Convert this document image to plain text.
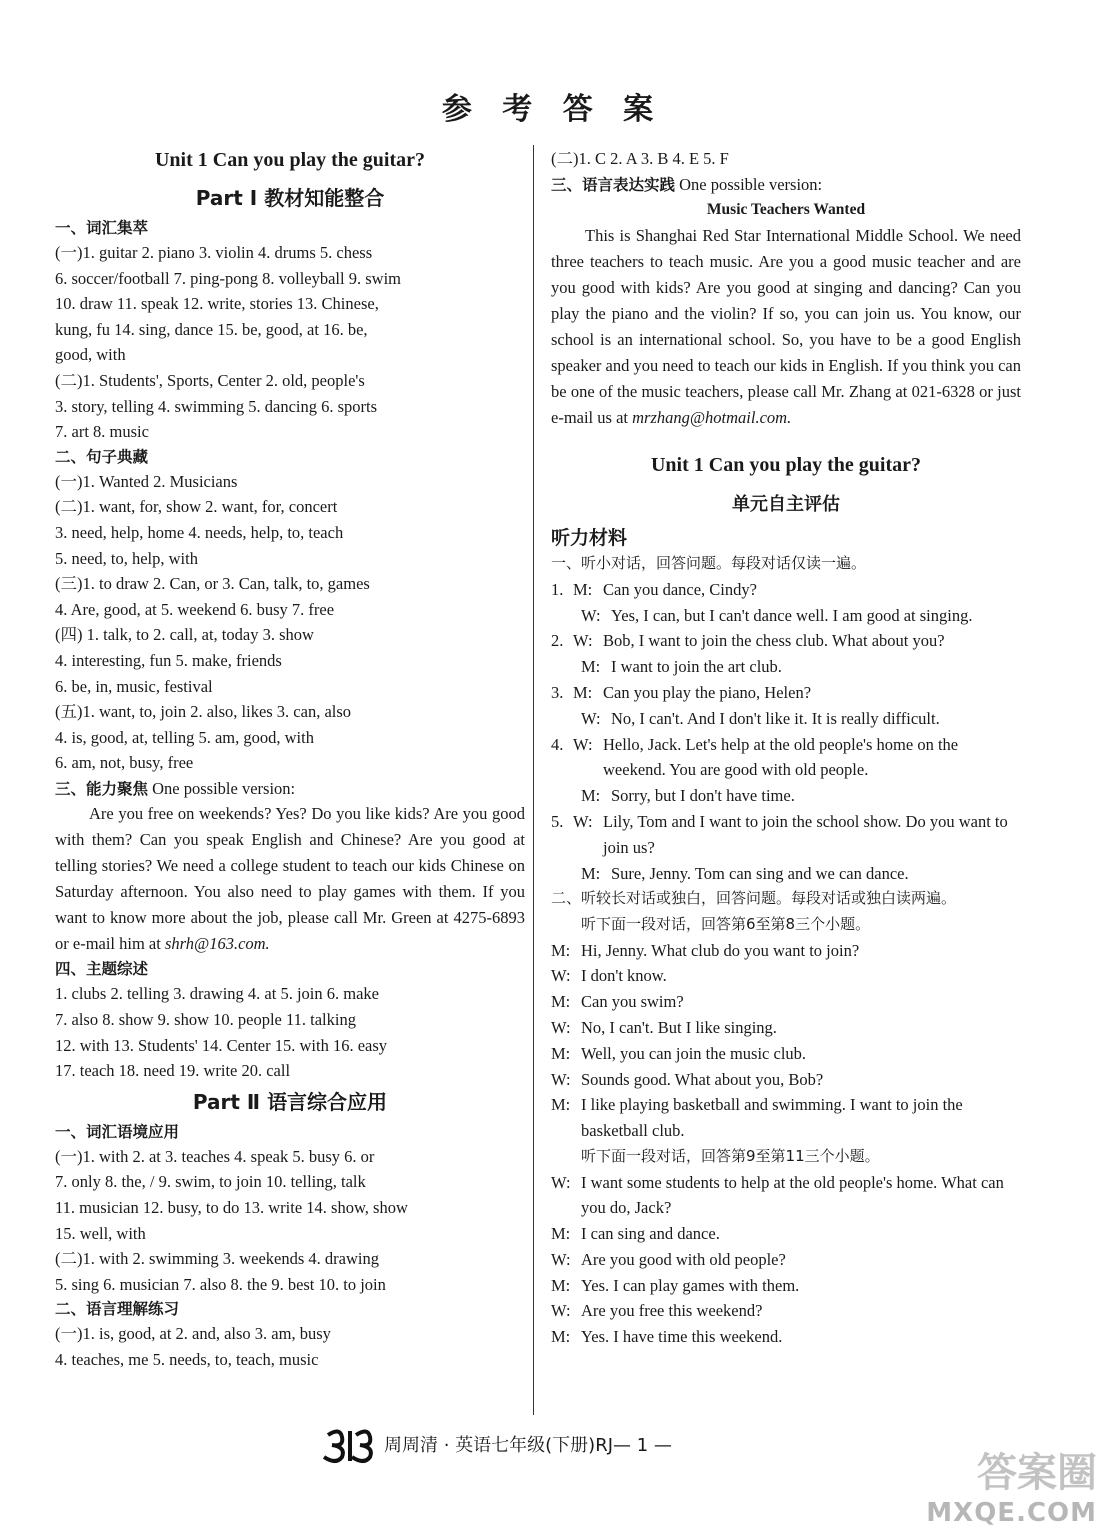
参 考 答 案
Unit 1 Can you play the guitar?
Part Ⅰ 教材知能整合
一、词汇集萃
(一)1. guitar 2. piano 3. violin 4. drums 5. chess
6. soccer/football 7. ping-pong 8. volleyball 9. swim
10. draw 11. speak 12. write, stories 13. Chinese,
kung, fu 14. sing, dance 15. be, good, at 16. be,
good, with
(二)1. Students', Sports, Center 2. old, people's
3. story, telling 4. swimming 5. dancing 6. sports
7. art 8. music
二、句子典藏
(一)1. Wanted 2. Musicians
(二)1. want, for, show 2. want, for, concert
3. need, help, home 4. needs, help, to, teach
5. need, to, help, with
(三)1. to draw 2. Can, or 3. Can, talk, to, games
4. Are, good, at 5. weekend 6. busy 7. free
(四) 1. talk, to 2. call, at, today 3. show
4. interesting, fun 5. make, friends
6. be, in, music, festival
(五)1. want, to, join 2. also, likes 3. can, also
4. is, good, at, telling 5. am, good, with
6. am, not, busy, free
三、能力聚焦 One possible version:
Are you free on weekends? Yes? Do you like kids? Are you good with them? Can you speak English and Chinese? Are you good at telling stories? We need a college student to teach our kids Chinese on Saturday afternoon. You also need to play games with them. If you want to know more about the job, please call Mr. Green at 4275-6893 or e-mail him at shrh@163.com.
四、主题综述
1. clubs 2. telling 3. drawing 4. at 5. join 6. make
7. also 8. show 9. show 10. people 11. talking
12. with 13. Students' 14. Center 15. with 16. easy
17. teach 18. need 19. write 20. call
Part Ⅱ 语言综合应用
一、词汇语境应用
(一)1. with 2. at 3. teaches 4. speak 5. busy 6. or
7. only 8. the, / 9. swim, to join 10. telling, talk
11. musician 12. busy, to do 13. write 14. show, show
15. well, with
(二)1. with 2. swimming 3. weekends 4. drawing
5. sing 6. musician 7. also 8. the 9. best 10. to join
二、语言理解练习
(一)1. is, good, at 2. and, also 3. am, busy
4. teaches, me 5. needs, to, teach, music
(二)1. C 2. A 3. B 4. E 5. F
三、语言表达实践 One possible version:
Music Teachers Wanted
This is Shanghai Red Star International Middle School. We need three teachers to teach music. Are you a good music teacher and are you good with kids? Are you good at singing and dancing? Can you play the piano and the violin? If so, you can join us. You know, our school is an international school. So, you have to be a good English speaker and you need to teach our kids in English. If you think you can be one of the music teachers, please call Mr. Zhang at 021-6328 or just e-mail us at mrzhang@hotmail.com.
Unit 1 Can you play the guitar?
单元自主评估
听力材料
一、听小对话，回答问题。每段对话仅读一遍。
1. M: Can you dance, Cindy?
W: Yes, I can, but I can't dance well. I am good at singing.
2. W: Bob, I want to join the chess club. What about you?
M: I want to join the art club.
3. M: Can you play the piano, Helen?
W: No, I can't. And I don't like it. It is really difficult.
4. W: Hello, Jack. Let's help at the old people's home on the weekend. You are good with old people.
M: Sorry, but I don't have time.
5. W: Lily, Tom and I want to join the school show. Do you want to join us?
M: Sure, Jenny. Tom can sing and we can dance.
二、听较长对话或独白，回答问题。每段对话或独白读两遍。
听下面一段对话，回答第6至第8三个小题。
M: Hi, Jenny. What club do you want to join?
W: I don't know.
M: Can you swim?
W: No, I can't. But I like singing.
M: Well, you can join the music club.
W: Sounds good. What about you, Bob?
M: I like playing basketball and swimming. I want to join the basketball club.
听下面一段对话，回答第9至第11三个小题。
W: I want some students to help at the old people's home. What can you do, Jack?
M: I can sing and dance.
W: Are you good with old people?
M: Yes. I can play games with them.
W: Are you free this weekend?
M: Yes. I have time this weekend.
周周清 · 英语七年级(下册)RJ— 1 —
答案圈
MXQE.COM
